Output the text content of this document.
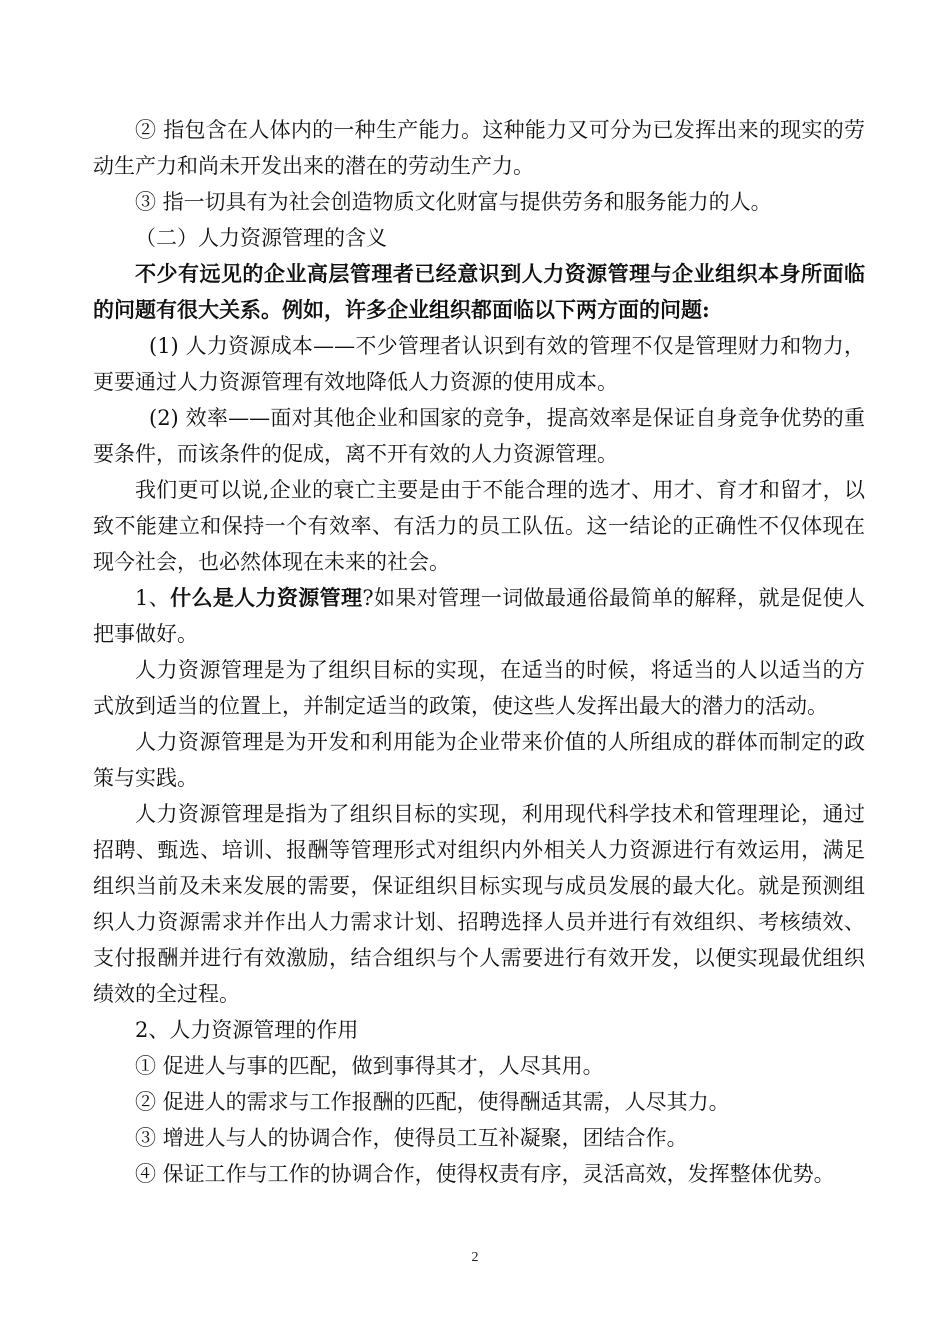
② 指包含在人体内的一种生产能力。这种能力又可分为已发挥出来的现实的劳动生产力和尚未开发出来的潜在的劳动生产力。

③ 指一切具有为社会创造物质文化财富与提供劳务和服务能力的人。

（二）人力资源管理的含义

不少有远见的企业高层管理者已经意识到人力资源管理与企业组织本身所面临的问题有很大关系。例如，许多企业组织都面临以下两方面的问题:

(1) 人力资源成本——不少管理者认识到有效的管理不仅是管理财力和物力，更要通过人力资源管理有效地降低人力资源的使用成本。

(2) 效率——面对其他企业和国家的竞争，提高效率是保证自身竞争优势的重要条件，而该条件的促成，离不开有效的人力资源管理。

我们更可以说,企业的衰亡主要是由于不能合理的选才、用才、育才和留才，以致不能建立和保持一个有效率、有活力的员工队伍。这一结论的正确性不仅体现在现今社会，也必然体现在未来的社会。

1、什么是人力资源管理?如果对管理一词做最通俗最简单的解释，就是促使人把事做好。

人力资源管理是为了组织目标的实现，在适当的时候，将适当的人以适当的方式放到适当的位置上，并制定适当的政策，使这些人发挥出最大的潜力的活动。

人力资源管理是为开发和利用能为企业带来价值的人所组成的群体而制定的政策与实践。

人力资源管理是指为了组织目标的实现，利用现代科学技术和管理理论，通过招聘、甄选、培训、报酬等管理形式对组织内外相关人力资源进行有效运用，满足组织当前及未来发展的需要，保证组织目标实现与成员发展的最大化。就是预测组织人力资源需求并作出人力需求计划、招聘选择人员并进行有效组织、考核绩效、支付报酬并进行有效激励，结合组织与个人需要进行有效开发，以便实现最优组织绩效的全过程。

2、人力资源管理的作用

① 促进人与事的匹配，做到事得其才，人尽其用。

② 促进人的需求与工作报酬的匹配，使得酬适其需，人尽其力。

③ 增进人与人的协调合作，使得员工互补凝聚，团结合作。

④ 保证工作与工作的协调合作，使得权责有序，灵活高效，发挥整体优势。

2
